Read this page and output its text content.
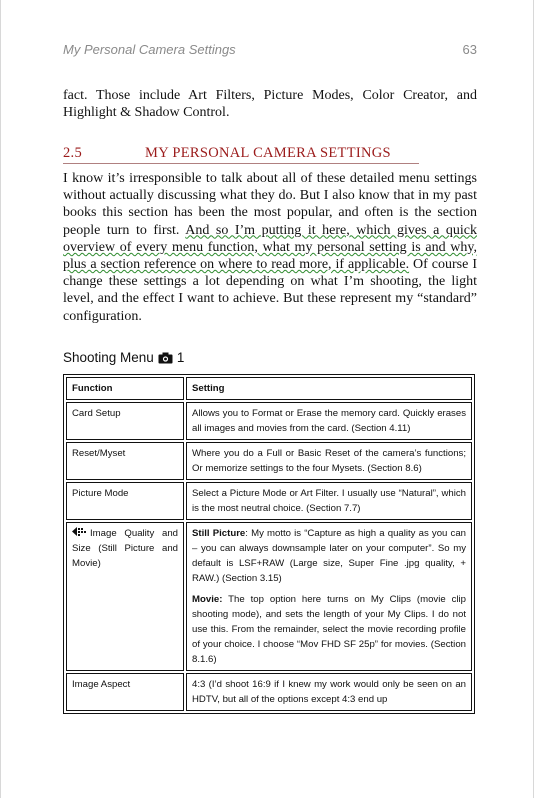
My Personal Camera Settings	63
fact. Those include Art Filters, Picture Modes, Color Creator, and Highlight & Shadow Control.
2.5	MY PERSONAL CAMERA SETTINGS
I know it’s irresponsible to talk about all of these detailed menu settings without actually discussing what they do. But I also know that in my past books this section has been the most popular, and often is the section people turn to first. And so I’m putting it here, which gives a quick overview of every menu function, what my personal setting is and why, plus a section reference on where to read more, if applicable. Of course I change these settings a lot depending on what I’m shooting, the light level, and the effect I want to achieve. But these represent my “standard” configuration.
Shooting Menu 1
Function	Setting
Card Setup	Allows you to Format or Erase the memory card. Quickly erases all images and movies from the card. (Section 4.11)
Reset/Myset	Where you do a Full or Basic Reset of the camera’s functions; Or memorize settings to the four Mysets. (Section 8.6)
Picture Mode	Select a Picture Mode or Art Filter. I usually use “Natural”, which is the most neutral choice. (Section 7.7)
Image Quality and Size (Still Picture and Movie)	Still Picture: My motto is “Capture as high a quality as you can – you can always downsample later on your computer”. So my default is LSF+RAW (Large size, Super Fine .jpg quality, + RAW.) (Section 3.15)

Movie: The top option here turns on My Clips (movie clip shooting mode), and sets the length of your My Clips. I do not use this. From the remainder, select the movie recording profile of your choice. I choose “Mov FHD SF 25p” for movies. (Section 8.1.6)

Image Aspect	4:3 (I’d shoot 16:9 if I knew my work would only be seen on an HDTV, but all of the options except 4:3 end up
